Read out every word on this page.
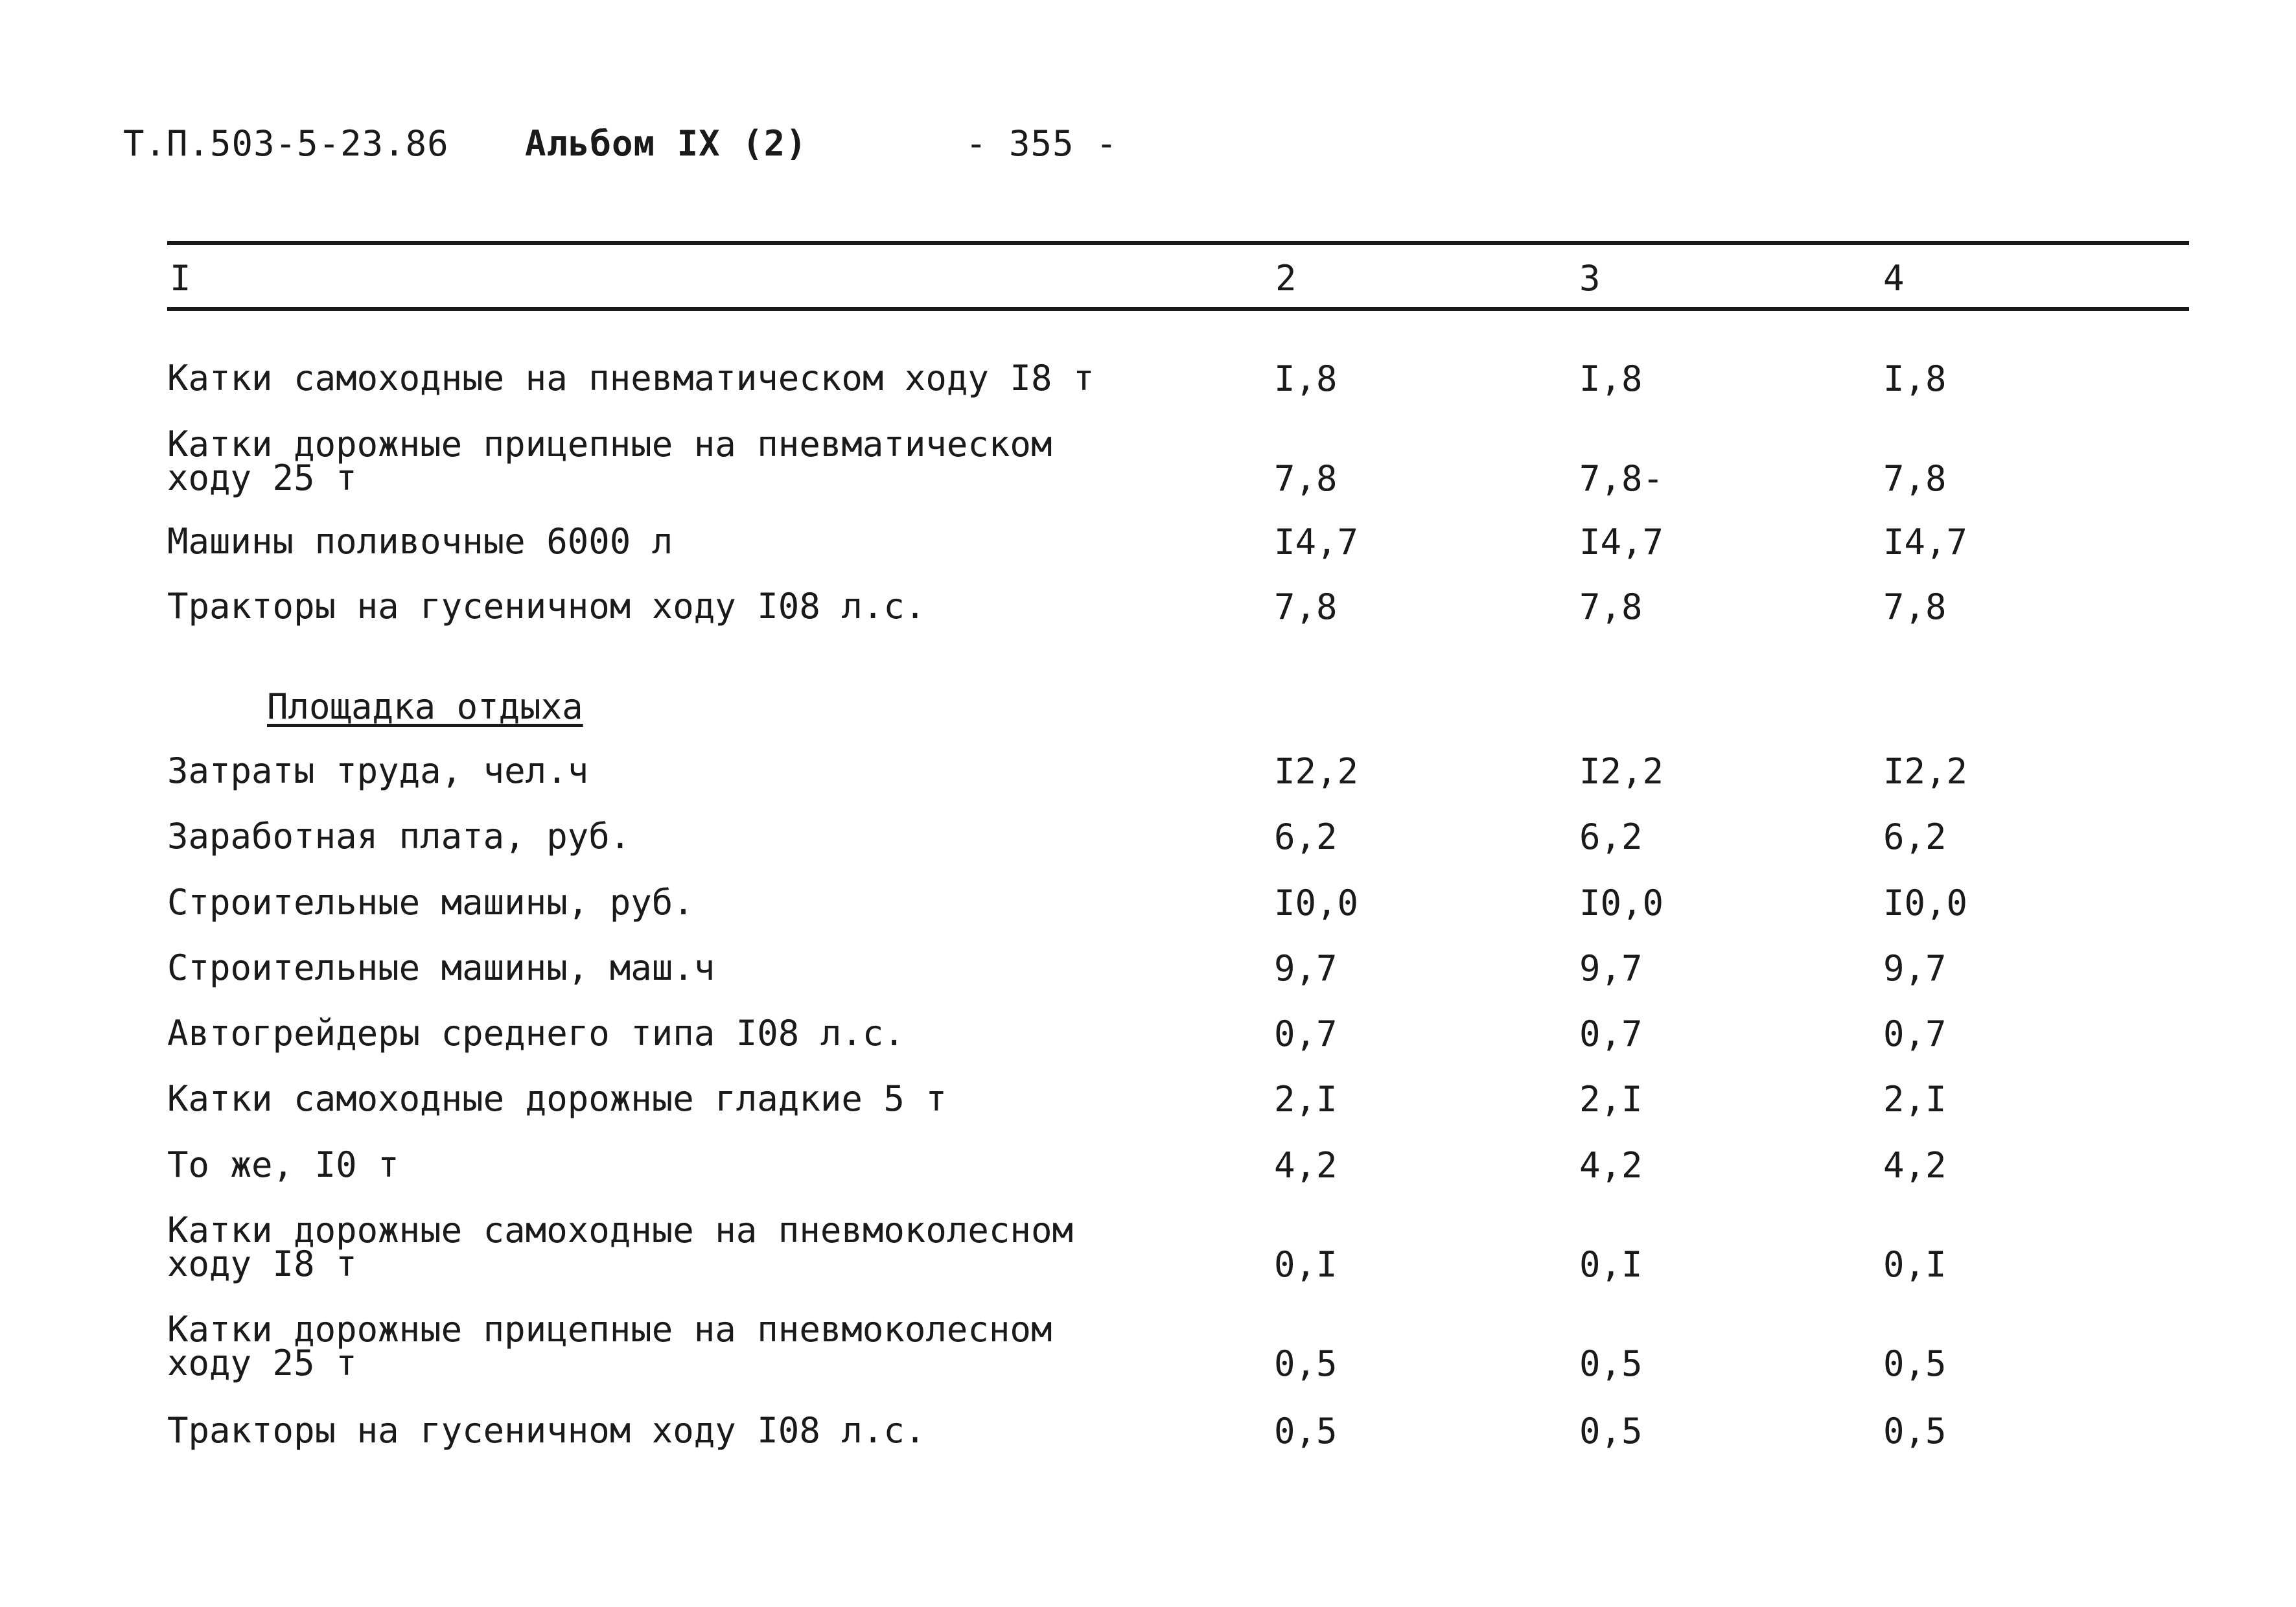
Т.П.503-5-23.86 Альбом IX (2)	- 355 -
I	2	3	4
Катки самоходные на пневматическом ходу I8 т	I,8	I,8	I,8
Катки дорожные прицепные на пневматическом
ходу 25 т	7,8	7,8-	7,8
Машины поливочные 6000 л	I4,7	I4,7	I4,7
Тракторы на гусеничном ходу I08 л.с.	7,8	7,8	7,8
Площадка отдыха
Затраты труда, чел.ч	I2,2	I2,2	I2,2
Заработная плата, руб.	6,2	6,2	6,2
Строительные машины, руб.	I0,0	I0,0	I0,0
Строительные машины, маш.ч	9,7	9,7	9,7
Автогрейдеры среднего типа I08 л.с.	0,7	0,7	0,7
Катки самоходные дорожные гладкие 5 т	2,I	2,I	2,I
То же, I0 т	4,2	4,2	4,2
Катки дорожные самоходные на пневмоколесном
ходу I8 т	0,I	0,I	0,I
Катки дорожные прицепные на пневмоколесном
ходу 25 т	0,5	0,5	0,5
Тракторы на гусеничном ходу I08 л.с.	0,5	0,5	0,5
